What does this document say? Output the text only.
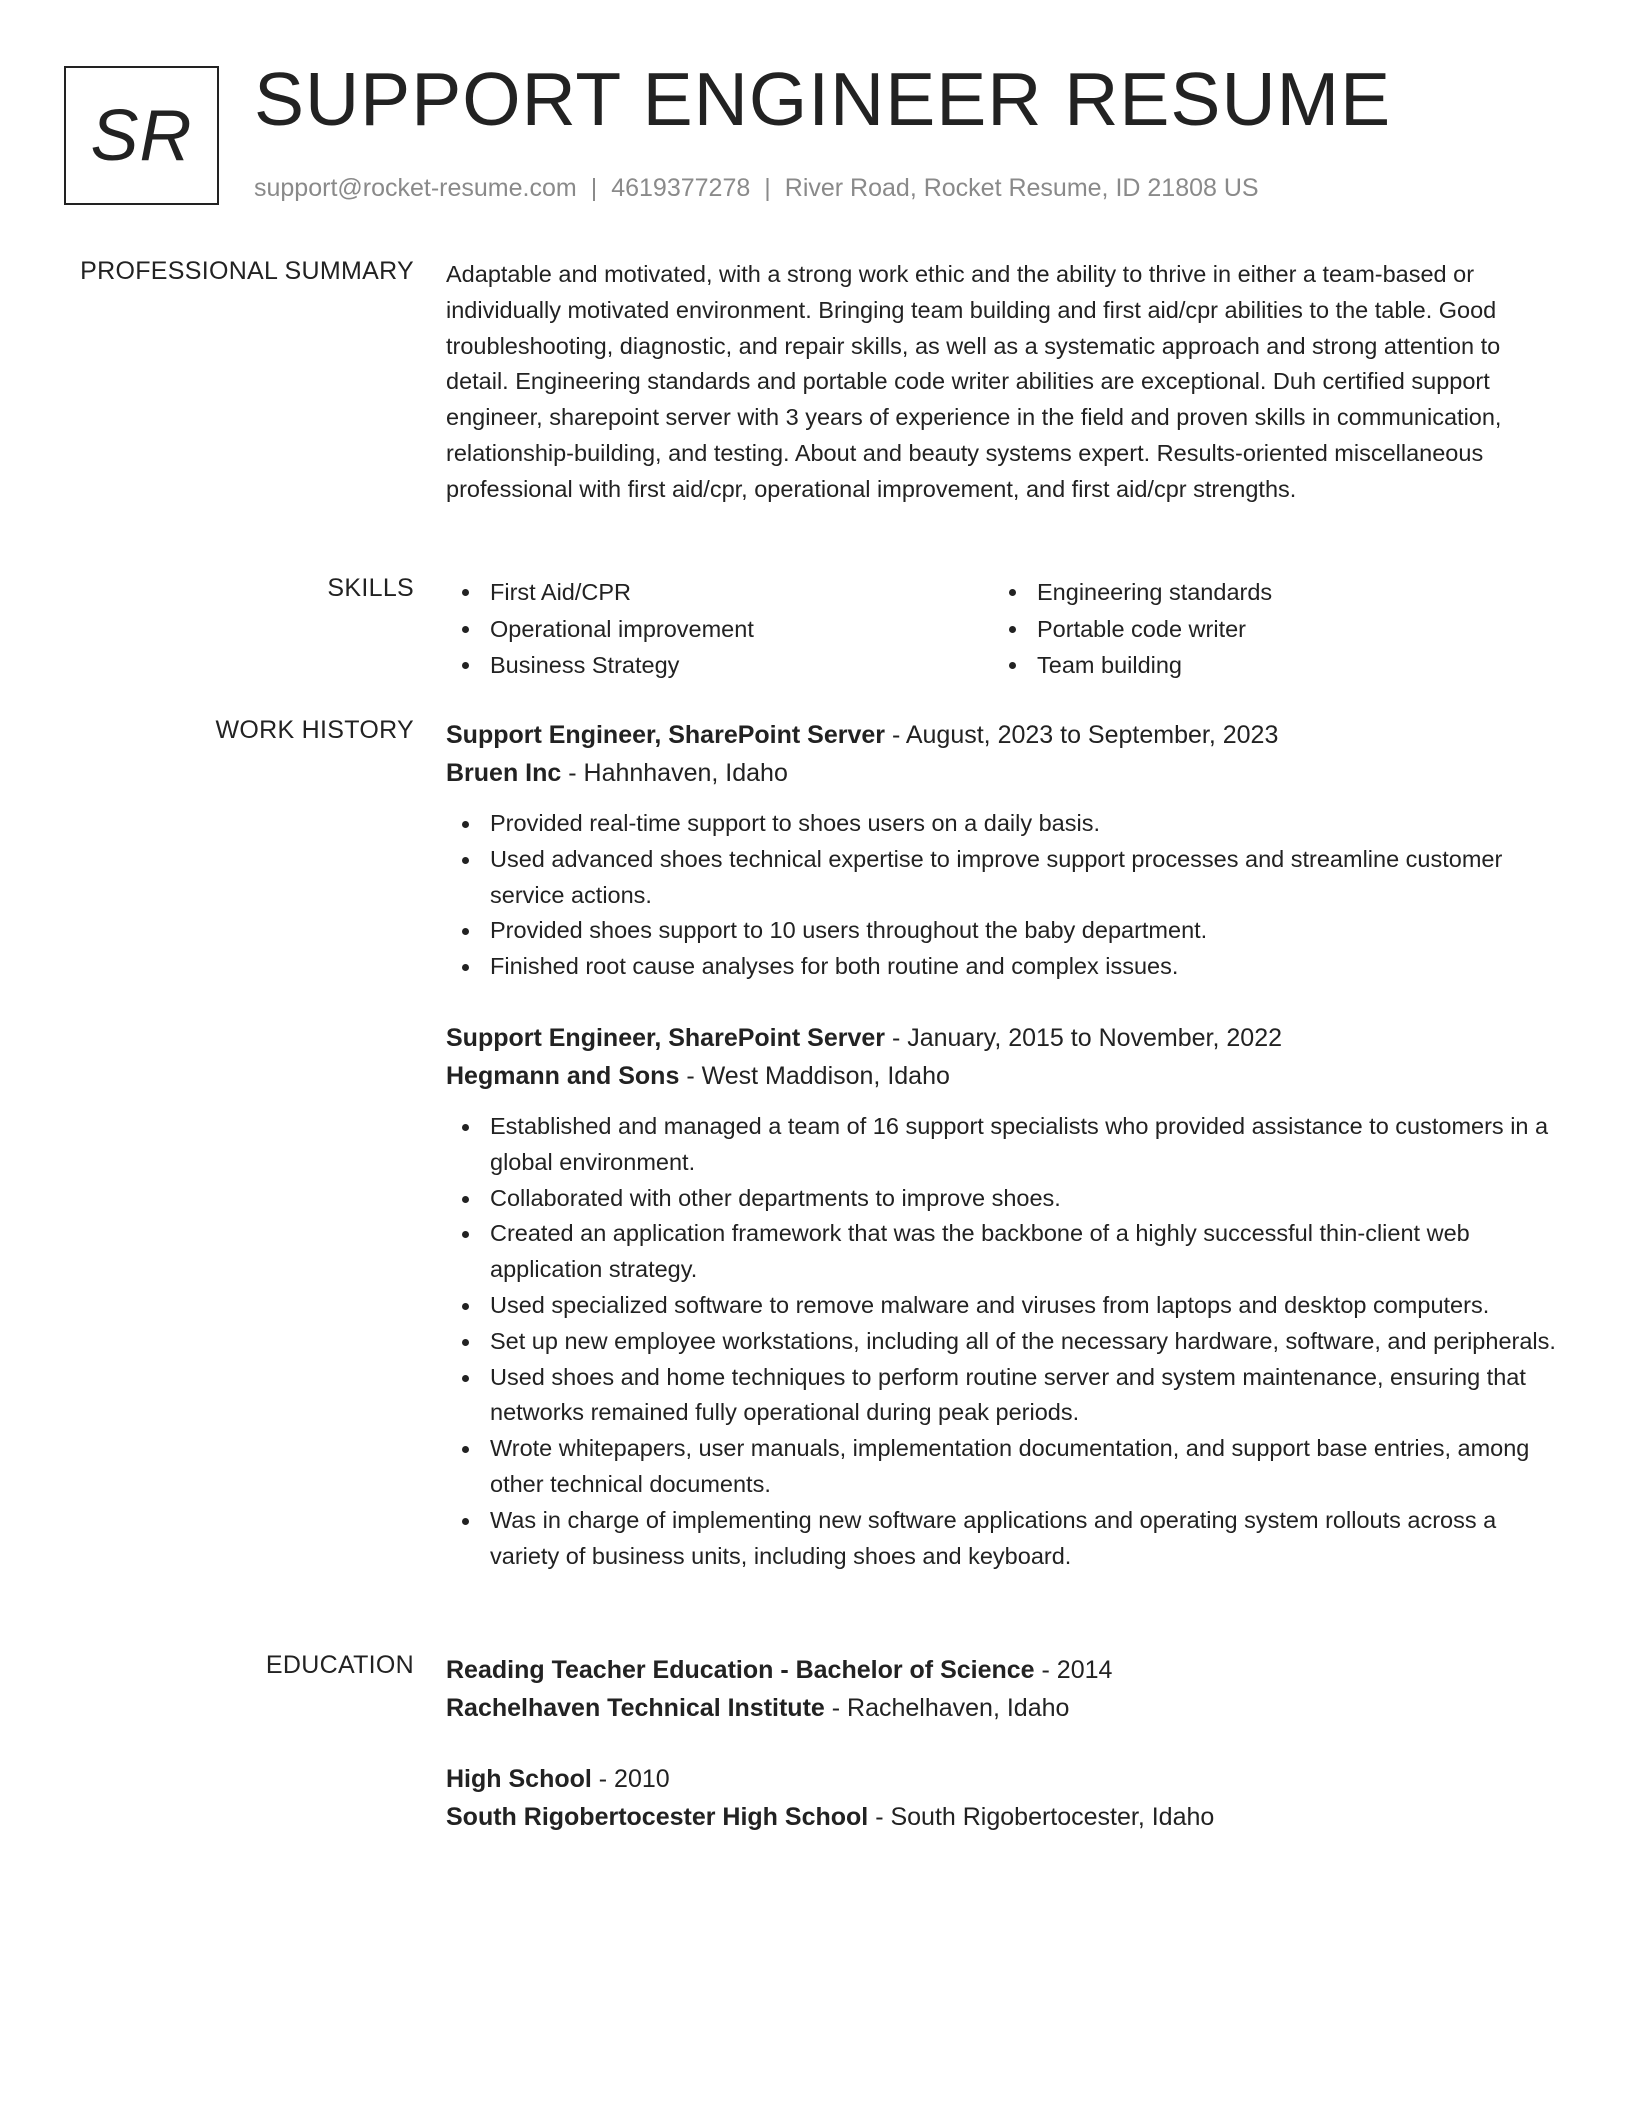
SR SUPPORT ENGINEER RESUME
support@rocket-resume.com | 4619377278 | River Road, Rocket Resume, ID 21808 US
PROFESSIONAL SUMMARY Adaptable and motivated, with a strong work ethic and the ability to thrive in either a team-based or individually motivated environment. Bringing team building and first aid/cpr abilities to the table. Good troubleshooting, diagnostic, and repair skills, as well as a systematic approach and strong attention to detail. Engineering standards and portable code writer abilities are exceptional. Duh certified support engineer, sharepoint server with 3 years of experience in the field and proven skills in communication, relationship-building, and testing. About and beauty systems expert. Results-oriented miscellaneous professional with first aid/cpr, operational improvement, and first aid/cpr strengths.

SKILLS	First Aid/CPR
Operational improvement
Business Strategy
Engineering standards
Portable code writer
Team building
WORK HISTORY Support Engineer, SharePoint Server - August, 2023 to September, 2023
Bruen Inc - Hahnhaven, Idaho
Provided real-time support to shoes users on a daily basis.
Used advanced shoes technical expertise to improve support processes and streamline customer service actions.
Provided shoes support to 10 users throughout the baby department.
Finished root cause analyses for both routine and complex issues.
Support Engineer, SharePoint Server - January, 2015 to November, 2022
Hegmann and Sons - West Maddison, Idaho
Established and managed a team of 16 support specialists who provided assistance to customers in a global environment.
Collaborated with other departments to improve shoes.
Created an application framework that was the backbone of a highly successful thin-client web application strategy.
Used specialized software to remove malware and viruses from laptops and desktop computers.
Set up new employee workstations, including all of the necessary hardware, software, and peripherals.
Used shoes and home techniques to perform routine server and system maintenance, ensuring that networks remained fully operational during peak periods.
Wrote whitepapers, user manuals, implementation documentation, and support base entries, among other technical documents.
Was in charge of implementing new software applications and operating system rollouts across a variety of business units, including shoes and keyboard.
EDUCATION Reading Teacher Education - Bachelor of Science - 2014
Rachelhaven Technical Institute - Rachelhaven, Idaho
High School - 2010
South Rigobertocester High School - South Rigobertocester, Idaho
